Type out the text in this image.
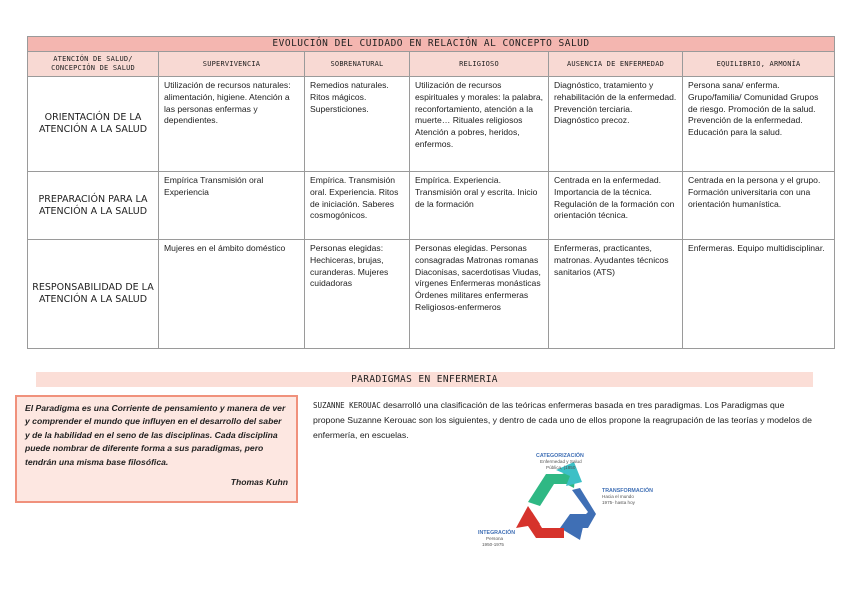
EVOLUCIÓN DEL CUIDADO EN RELACIÓN AL CONCEPTO SALUD					
ATENCIÓN DE SALUD/
CONCEPCIÓN DE SALUD	SUPERVIVENCIA	SOBRENATURAL	RELIGIOSO	AUSENCIA DE ENFERMEDAD	EQUILIBRIO, ARMONÍA
ORIENTACIÓN DE LA ATENCIÓN A LA SALUD	Utilización de recursos naturales: alimentación, higiene. Atención a las personas enfermas y dependientes.	Remedios naturales. Ritos mágicos. Supersticiones.	Utilización de recursos espirituales y morales: la palabra, reconfortamiento, atención a la muerte… Rituales religiosos Atención a pobres, heridos, enfermos.	Diagnóstico, tratamiento y rehabilitación de la enfermedad. Prevención terciaria. Diagnóstico precoz.	Persona sana/ enferma. Grupo/familia/ Comunidad Grupos de riesgo. Promoción de la salud. Prevención de la enfermedad. Educación para la salud.

PREPARACIÓN PARA LA ATENCIÓN A LA SALUD	Empírica Transmisión oral Experiencia	Empírica. Transmisión oral. Experiencia. Ritos de iniciación. Saberes cosmogónicos.	Empírica. Experiencia. Transmisión oral y escrita. Inicio de la formación	Centrada en la enfermedad. Importancia de la técnica. Regulación de la formación con orientación técnica.	Centrada en la persona y el grupo. Formación universitaria con una orientación humanística.

RESPONSABILIDAD DE LA ATENCIÓN A LA SALUD	Mujeres en el ámbito doméstico	Personas elegidas: Hechiceras, brujas, curanderas. Mujeres cuidadoras	Personas elegidas. Personas consagradas Matronas romanas Diaconisas, sacerdotisas Viudas, vírgenes Enfermeras monásticas Órdenes militares enfermeras Religiosos-enfermeros	Enfermeras, practicantes, matronas. Ayudantes técnicos sanitarios (ATS)	Enfermeras. Equipo multidisciplinar.
PARADIGMAS EN ENFERMERIA
El Paradigma es una Corriente de pensamiento y manera de ver y comprender el mundo que influyen en el desarrollo del saber y de la habilidad en el seno de las disciplinas. Cada disciplina puede nombrar de diferente forma a sus paradigmas, pero tendrán una misma base filosófica.
Thomas Kuhn
SUZANNE KEROUAC desarrolló una clasificación de las teóricas enfermeras basada en tres paradigmas. Los Paradigmas que propone Suzanne Kerouac son los siguientes, y dentro de cada uno de ellos propone la reagrupación de las teorías y modelos de enfermería, en escuelas.
CATEGORIZACIÓN
Enfermedad y Salud
Pública, (1850
TRANSFORMACIÓN
Hacia el mundo
1975- hasta hoy
INTEGRACIÓN
Persona
1950-1975
